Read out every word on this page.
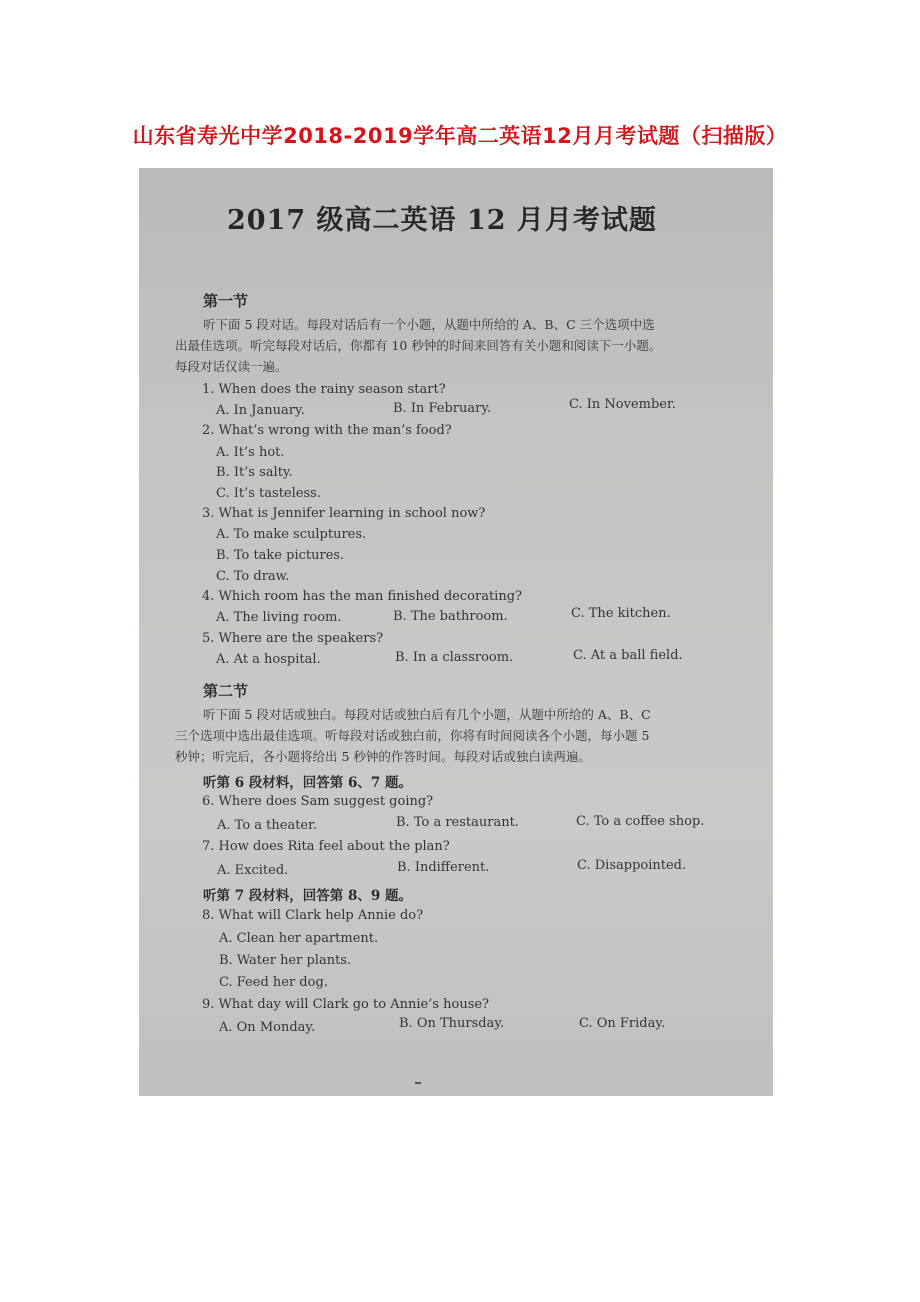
山东省寿光中学2018-2019学年高二英语12月月考试题（扫描版）
2017 级高二英语 12 月月考试题
第一节
听下面 5 段对话。每段对话后有一个小题，从题中所给的 A、B、C 三个选项中选
出最佳选项。听完每段对话后，你都有 10 秒钟的时间来回答有关小题和阅读下一小题。
每段对话仅读一遍。
1. When does the rainy season start?
A. In January.	B. In February.	C. In November.
2. What’s wrong with the man’s food?
A. It’s hot.
B. It’s salty.
C. It’s tasteless.
3. What is Jennifer learning in school now?
A. To make sculptures.
B. To take pictures.
C. To draw.
4. Which room has the man finished decorating?
A. The living room.	B. The bathroom.	C. The kitchen.
5. Where are the speakers?
A. At a hospital.	B. In a classroom.	C. At a ball field.
第二节
听下面 5 段对话或独白。每段对话或独白后有几个小题，从题中所给的 A、B、C
三个选项中选出最佳选项。听每段对话或独白前，你将有时间阅读各个小题，每小题 5
秒钟；听完后，各小题将给出 5 秒钟的作答时间。每段对话或独白读两遍。
听第 6 段材料，回答第 6、7 题。
6. Where does Sam suggest going?
A. To a theater.	B. To a restaurant.	C. To a coffee shop.
7. How does Rita feel about the plan?
A. Excited.	B. Indifferent.	C. Disappointed.
听第 7 段材料，回答第 8、9 题。
8. What will Clark help Annie do?
A. Clean her apartment.
B. Water her plants.
C. Feed her dog.
9. What day will Clark go to Annie’s house?
A. On Monday.	B. On Thursday.	C. On Friday.
